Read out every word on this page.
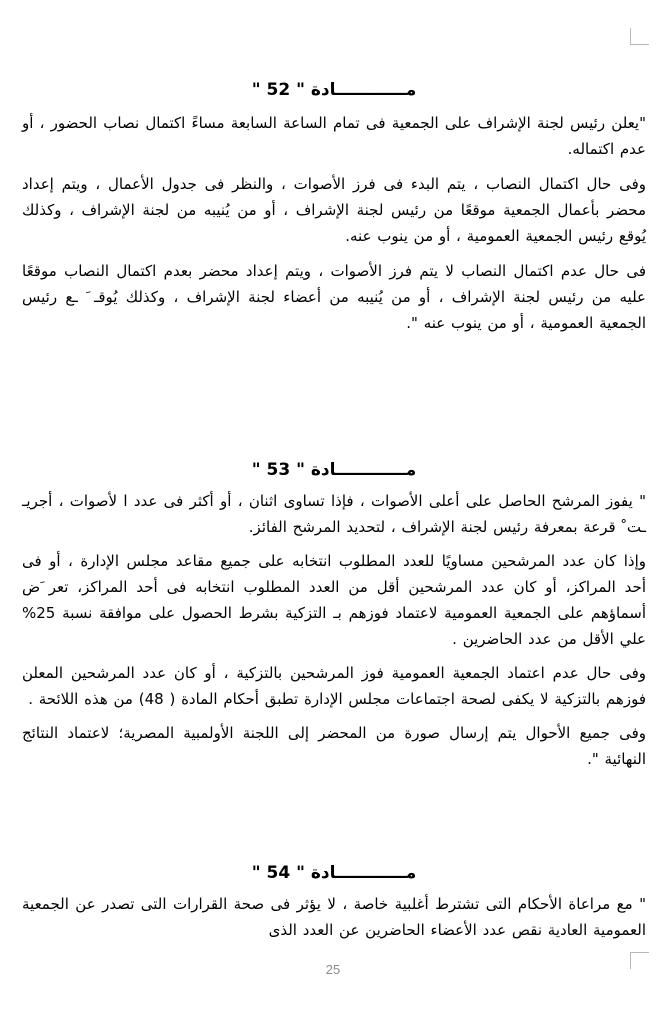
مــــــــــــادة " 52 "

"يعلن رئيس لجنة الإشراف على الجمعية فى تمام الساعة السابعة مساءً اكتمال نصاب الحضور ، أو عدم اكتماله.

وفى حال اكتمال النصاب ، يتم البدء فى فرز الأصوات ، والنظر فى جدول الأعمال ، ويتم إعداد محضر بأعمال الجمعية موقعًا من رئيس لجنة الإشراف ، أو من يُنيبه من لجنة الإشراف ، وكذلك يُوقع رئيس الجمعية العمومية ، أو من ينوب عنه.

فى حال عدم اكتمال النصاب لا يتم فرز الأصوات ، ويتم إعداد محضر بعدم اكتمال النصاب موقعًا عليه من رئيس لجنة الإشراف ، أو من يُنيبه من أعضاء لجنة الإشراف ، وكذلك يُوقـ َ ـع رئيس الجمعية العمومية ، أو من ينوب عنه ".

مــــــــــــادة " 53 "

" يفوز المرشح الحاصل على أعلى الأصوات ، فإذا تساوى اثنان ، أو أكثر فى عدد ا لأصوات ، أجريـ ـت ْ قرعة بمعرفة رئيس لجنة الإشراف ، لتحديد المرشح الفائز.

وإذا كان عدد المرشحين مساويًا للعدد المطلوب انتخابه على جميع مقاعد مجلس الإدارة ، أو فى أحد المراكز، أو كان عدد المرشحين أقل من العدد المطلوب انتخابه فى أحد المراكز، تعر َض أسماؤهم على الجمعية العمومية لاعتماد فوزهم بـ التزكية بشرط الحصول على موافقة نسبة 25% علي الأقل من عدد الحاضرين .

وفى حال عدم اعتماد الجمعية العمومية فوز المرشحين بالتزكية ، أو كان عدد المرشحين المعلن فوزهم بالتزكية لا يكفى لصحة اجتماعات مجلس الإدارة تطبق أحكام المادة ( 48) من هذه اللائحة .

وفى جميع الأحوال يتم إرسال صورة من المحضر إلى اللجنة الأولمبية المصرية؛ لاعتماد النتائج النهائية ".

مــــــــــــادة " 54 "

" مع مراعاة الأحكام التى تشترط أغلبية خاصة ، لا يؤثر فى صحة القرارات التى تصدر عن الجمعية العمومية العادية نقص عدد الأعضاء الحاضرين عن العدد الذى

25
